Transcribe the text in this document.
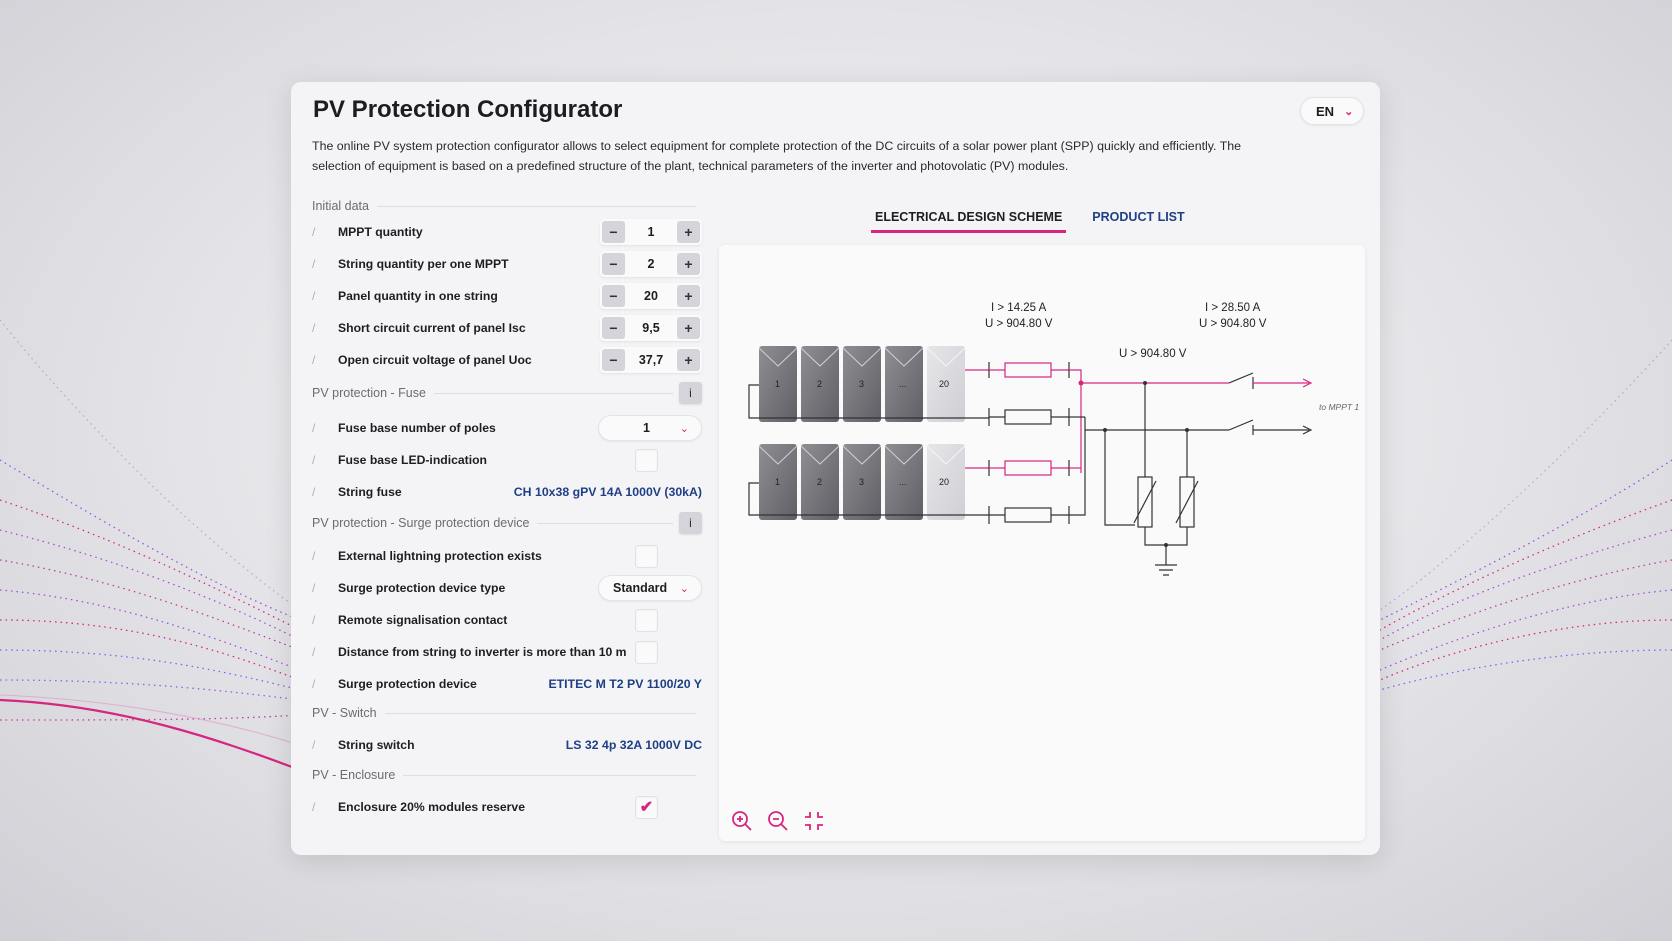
PV Protection Configurator	EN ⌄

The online PV system protection configurator allows to select equipment for complete protection of the DC circuits of a solar power plant (SPP) quickly and efficiently. The selection of equipment is based on a predefined structure of the plant, technical parameters of the inverter and photovolatic (PV) modules.

Initial data
/	MPPT quantity	−	1	+
/	String quantity per one MPPT	−	2	+
/	Panel quantity in one string	−	20	+
/	Short circuit current of panel Isc	−	9,5	+
/	Open circuit voltage of panel Uoc	−	37,7	+
PV protection - Fuse	i
/	Fuse base number of poles	1	⌄
/	Fuse base LED-indication
/	String fuse	CH 10x38 gPV 14A 1000V (30kA)
PV protection - Surge protection device	i
/	External lightning protection exists
/	Surge protection device type	Standard ⌄
/	Remote signalisation contact
/	Distance from string to inverter is more than 10 m
/	Surge protection device	ETITEC M T2 PV 1100/20 Y
PV - Switch
/	String switch	LS 32 4p 32A 1000V DC
PV - Enclosure
/	Enclosure 20% modules reserve	✔
ELECTRICAL DESIGN SCHEME	PRODUCT LIST
I > 14.25 A
U > 904.80 V
I > 28.50 A
U > 904.80 V
U > 904.80 V
to MPPT 1
1	2	3	...	20
1	2	3	...	20
